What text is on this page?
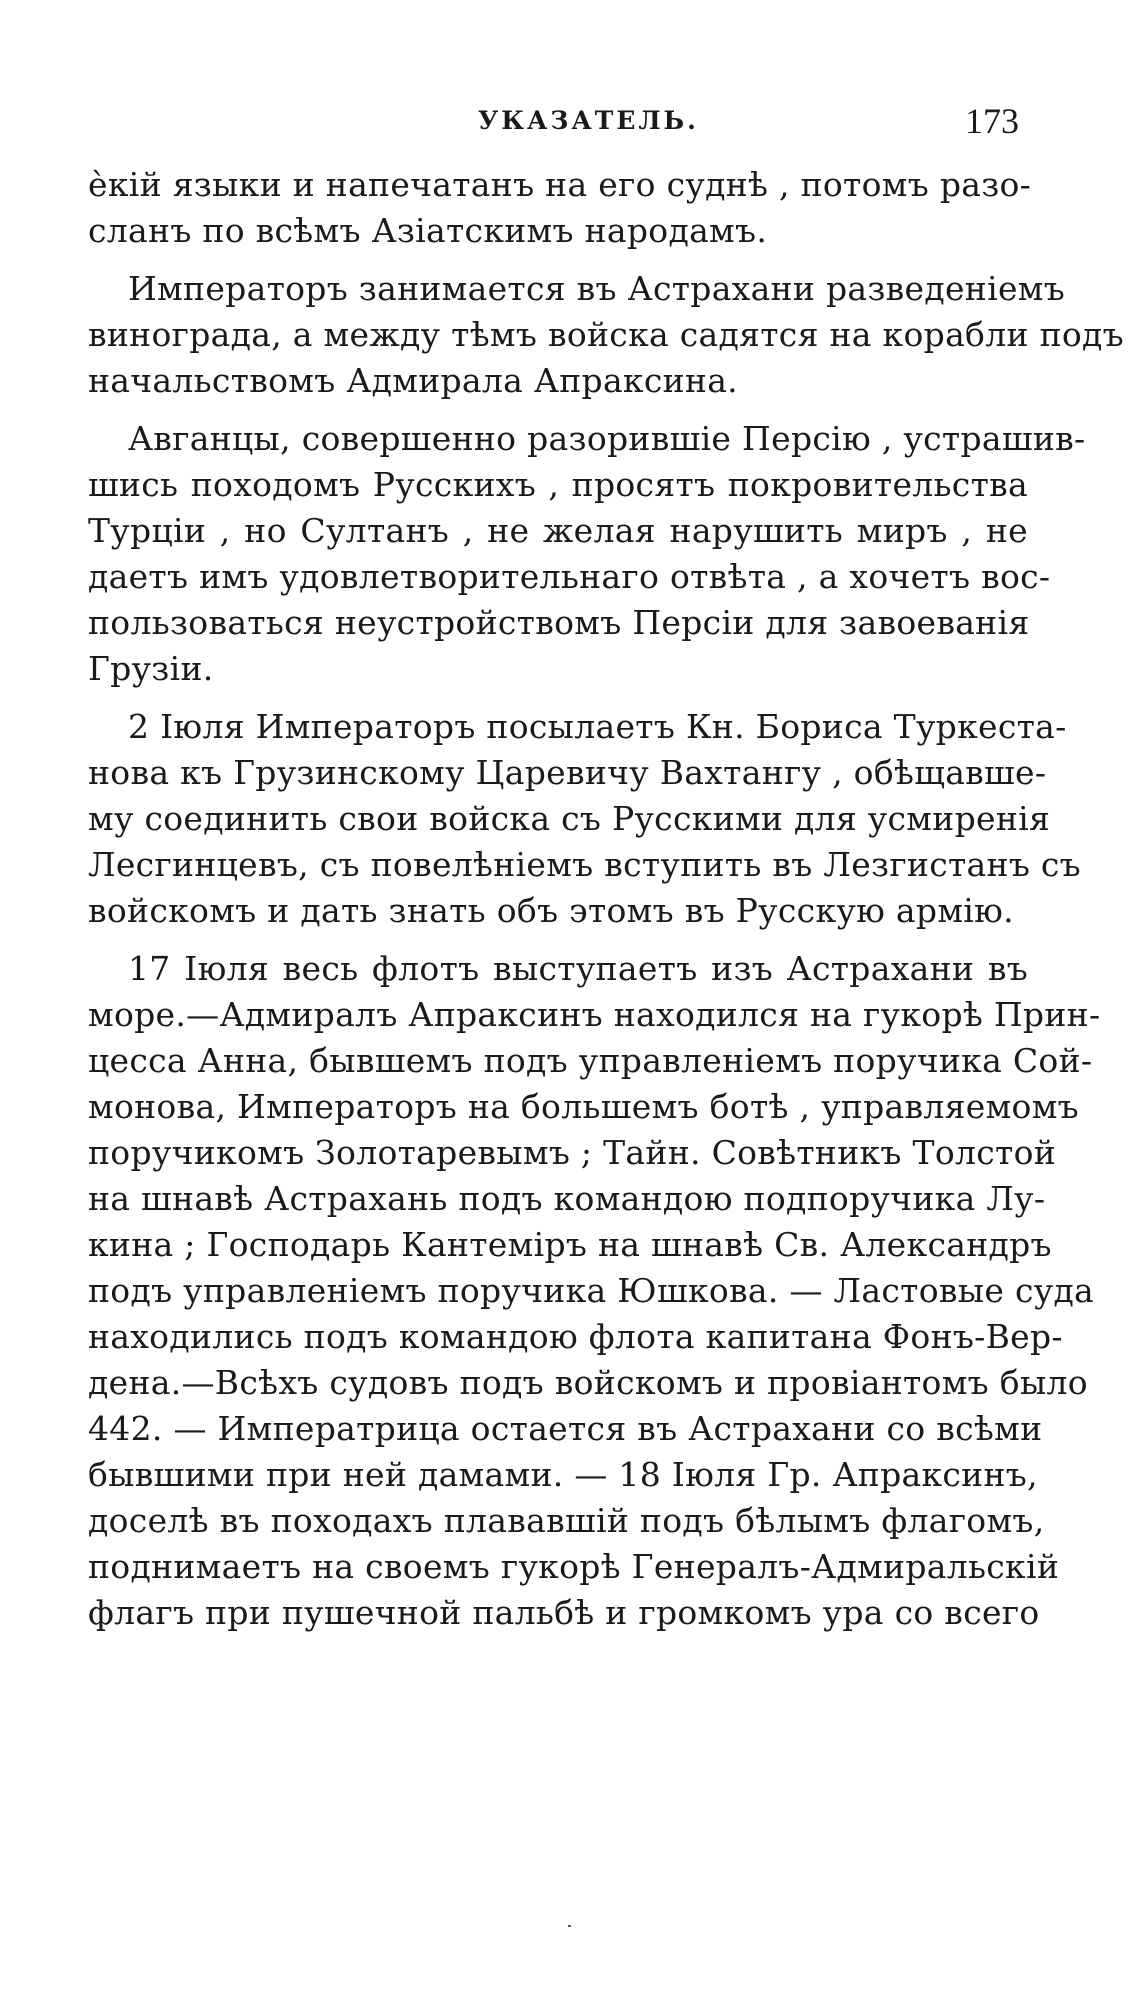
УКАЗАТЕЛЬ.	173
ѐкій языки и напечатанъ на его суднѣ , потомъ разо-
сланъ по всѣмъ Азіатскимъ народамъ.
Императоръ занимается въ Астрахани разведеніемъ
винограда, а между тѣмъ войска садятся на корабли подъ
начальствомъ Адмирала Апраксина.
Авганцы, совершенно разорившіе Персію , устрашив-
шись походомъ Русскихъ , просятъ покровительства
Турціи , но Султанъ , не желая нарушить миръ , не
даетъ имъ удовлетворительнаго отвѣта , а хочетъ вос-
пользоваться неустройствомъ Персіи для завоеванія
Грузіи.
2 Іюля Императоръ посылаетъ Кн. Бориса Туркеста-
нова къ Грузинскому Царевичу Вахтангу , обѣщавше-
му соединить свои войска съ Русскими для усмиренія
Лесгинцевъ, съ повелѣніемъ вступить въ Лезгистанъ съ
войскомъ и дать знать объ этомъ въ Русскую армію.
17 Іюля весь флотъ выступаетъ изъ Астрахани въ
море.—Адмиралъ Апраксинъ находился на гукорѣ Прин-
цесса Анна, бывшемъ подъ управленіемъ поручика Сой-
монова, Императоръ на большемъ ботѣ , управляемомъ
поручикомъ Золотаревымъ ; Тайн. Совѣтникъ Толстой
на шнавѣ Астрахань подъ командою подпоручика Лу-
кина ; Господарь Кантеміръ на шнавѣ Св. Александръ
подъ управленіемъ поручика Юшкова. — Ластовые суда
находились подъ командою флота капитана Фонъ-Вер-
дена.—Всѣхъ судовъ подъ войскомъ и провіантомъ было
442. — Императрица остается въ Астрахани со всѣми
бывшими при ней дамами. — 18 Іюля Гр. Апраксинъ,
доселѣ въ походахъ плававшій подъ бѣлымъ флагомъ,
поднимаетъ на своемъ гукорѣ Генералъ-Адмиральскій
флагъ при пушечной пальбѣ и громкомъ ура со всего
